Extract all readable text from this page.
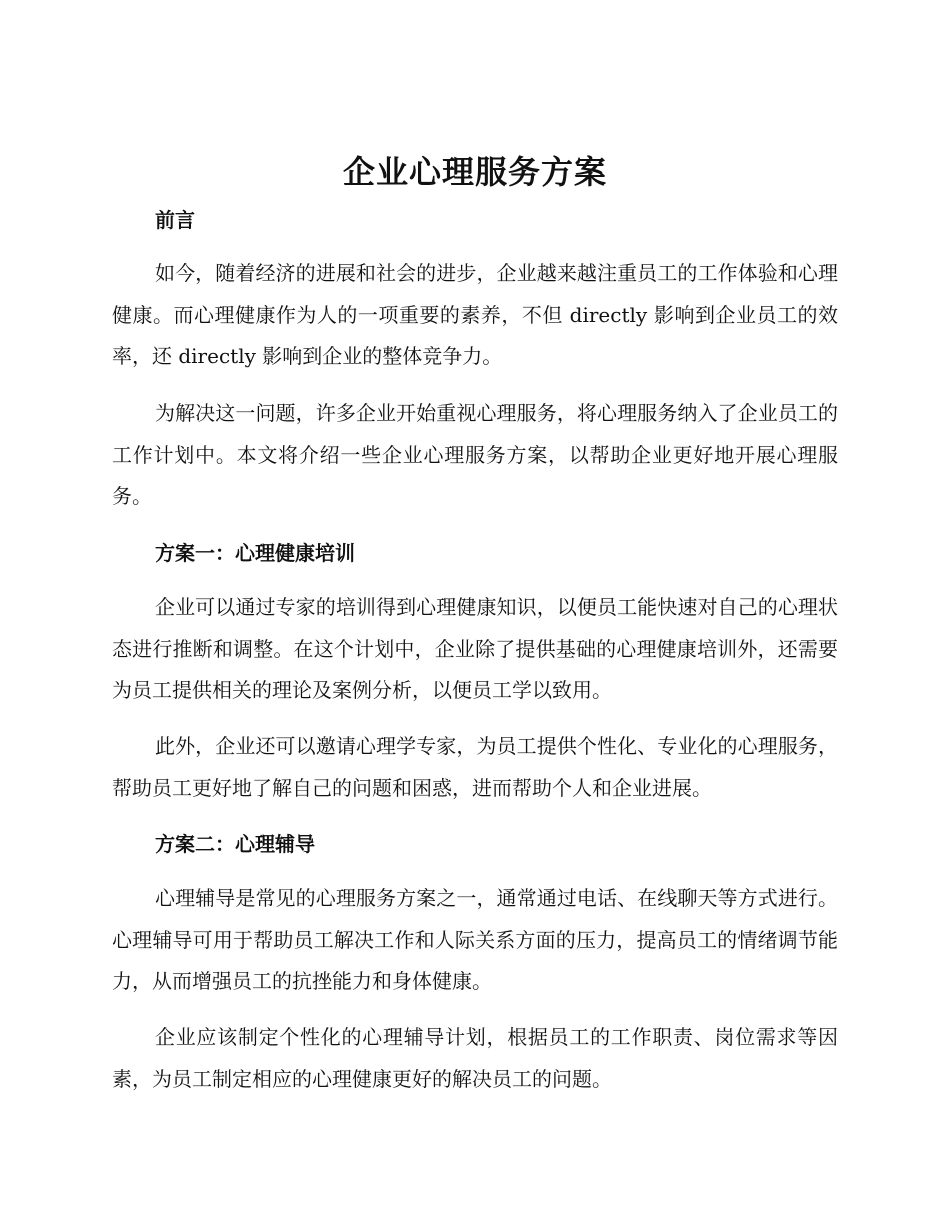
企业心理服务方案
前言

如今，随着经济的进展和社会的进步，企业越来越注重员工的工作体验和心理健康。而心理健康作为人的一项重要的素养，不但 directly 影响到企业员工的效率，还 directly 影响到企业的整体竞争力。

为解决这一问题，许多企业开始重视心理服务，将心理服务纳入了企业员工的工作计划中。本文将介绍一些企业心理服务方案，以帮助企业更好地开展心理服务。

方案一：心理健康培训

企业可以通过专家的培训得到心理健康知识，以便员工能快速对自己的心理状态进行推断和调整。在这个计划中，企业除了提供基础的心理健康培训外，还需要为员工提供相关的理论及案例分析，以便员工学以致用。

此外，企业还可以邀请心理学专家，为员工提供个性化、专业化的心理服务，帮助员工更好地了解自己的问题和困惑，进而帮助个人和企业进展。

方案二：心理辅导

心理辅导是常见的心理服务方案之一，通常通过电话、在线聊天等方式进行。心理辅导可用于帮助员工解决工作和人际关系方面的压力，提高员工的情绪调节能力，从而增强员工的抗挫能力和身体健康。

企业应该制定个性化的心理辅导计划，根据员工的工作职责、岗位需求等因素，为员工制定相应的心理健康更好的解决员工的问题。
